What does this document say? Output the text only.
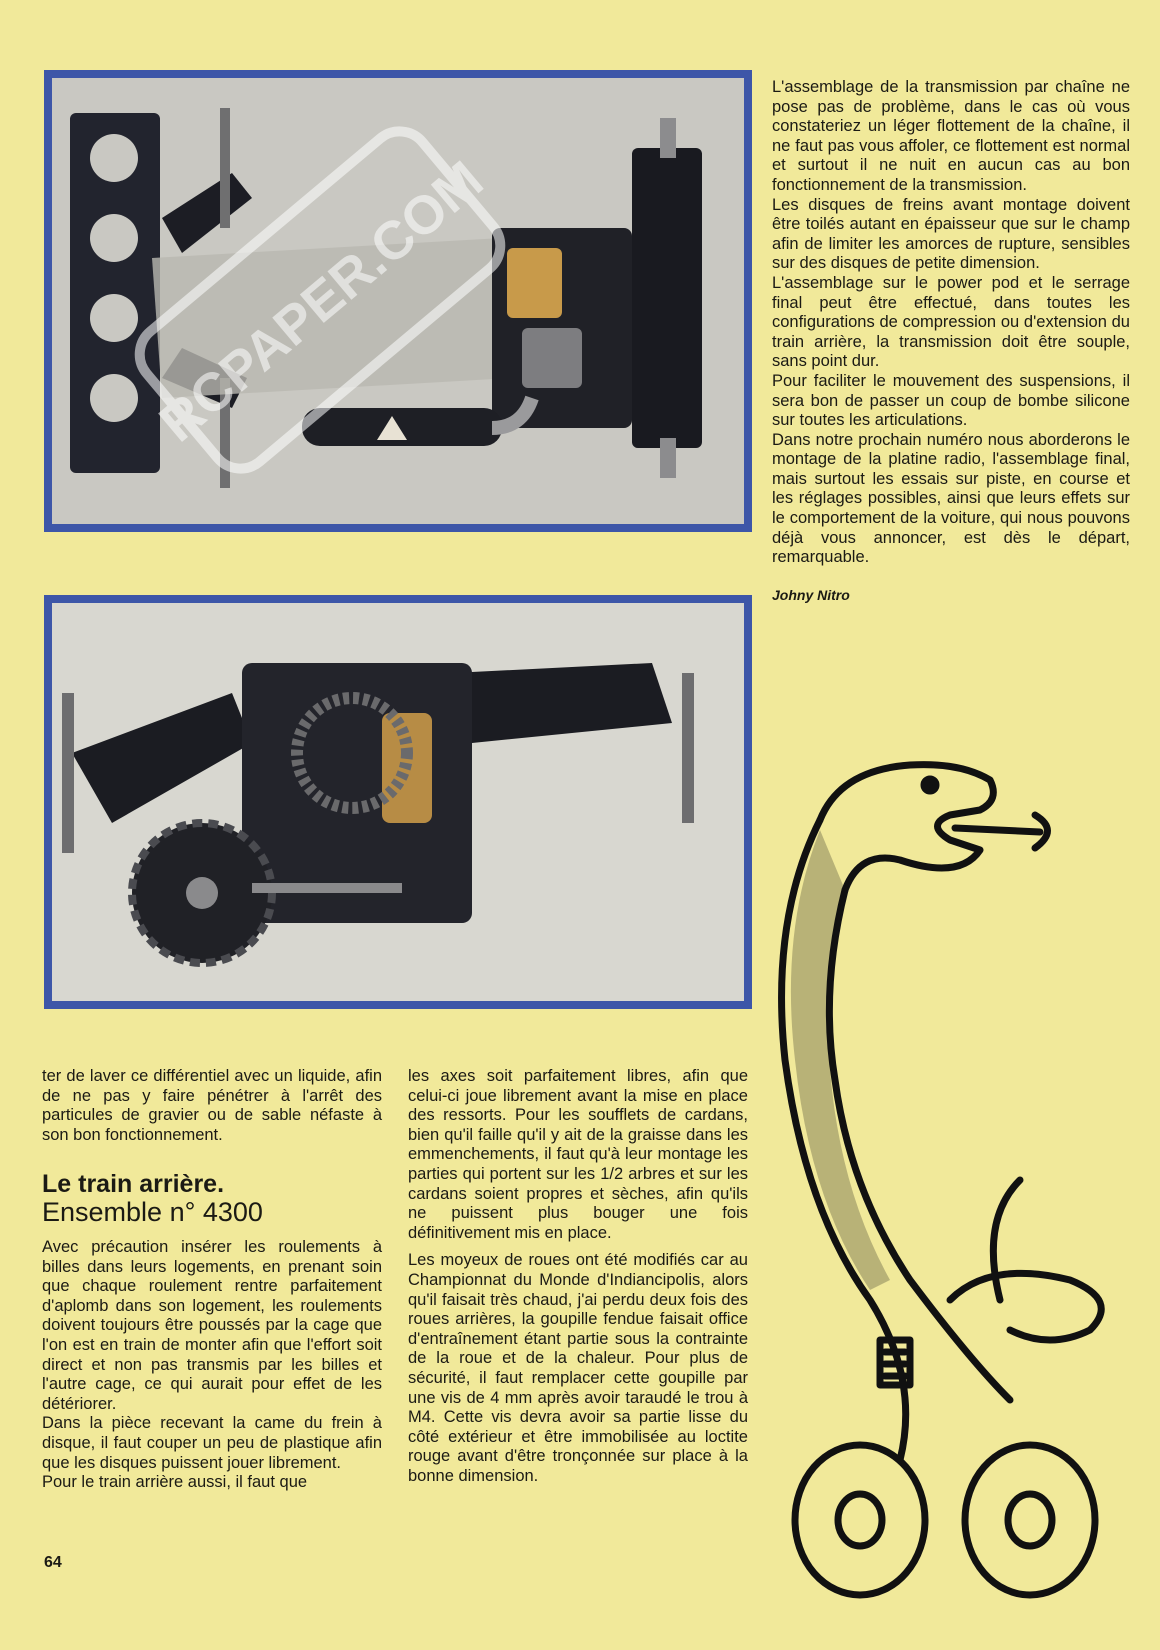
RCPAPER.COM

L'assemblage de la transmission par chaîne ne pose pas de problème, dans le cas où vous constateriez un léger flottement de la chaîne, il ne faut pas vous affoler, ce flottement est normal et surtout il ne nuit en aucun cas au bon fonctionnement de la transmission.

Les disques de freins avant montage doivent être toilés autant en épaisseur que sur le champ afin de limiter les amorces de rupture, sensibles sur des disques de petite dimension.

L'assemblage sur le power pod et le serrage final peut être effectué, dans toutes les configurations de compression ou d'extension du train arrière, la transmission doit être souple, sans point dur.

Pour faciliter le mouvement des suspensions, il sera bon de passer un coup de bombe silicone sur toutes les articulations.

Dans notre prochain numéro nous aborderons le montage de la platine radio, l'assemblage final, mais surtout les essais sur piste, en course et les réglages possibles, ainsi que leurs effets sur le comportement de la voiture, qui nous pouvons déjà vous annoncer, est dès le départ, remarquable.

Johny Nitro

ter de laver ce différentiel avec un liquide, afin de ne pas y faire pénétrer à l'arrêt des particules de gravier ou de sable néfaste à son bon fonctionnement.

Le train arrière.
Ensemble n° 4300

Avec précaution insérer les roulements à billes dans leurs logements, en prenant soin que chaque roulement rentre parfaitement d'aplomb dans son logement, les roulements doivent toujours être poussés par la cage que l'on est en train de monter afin que l'effort soit direct et non pas transmis par les billes et l'autre cage, ce qui aurait pour effet de les détériorer.

Dans la pièce recevant la came du frein à disque, il faut couper un peu de plastique afin que les disques puissent jouer librement.

Pour le train arrière aussi, il faut que

les axes soit parfaitement libres, afin que celui-ci joue librement avant la mise en place des ressorts. Pour les soufflets de cardans, bien qu'il faille qu'il y ait de la graisse dans les emmenchements, il faut qu'à leur montage les parties qui portent sur les 1/2 arbres et sur les cardans soient propres et sèches, afin qu'ils ne puissent plus bouger une fois définitivement mis en place.

Les moyeux de roues ont été modifiés car au Championnat du Monde d'Indiancipolis, alors qu'il faisait très chaud, j'ai perdu deux fois des roues arrières, la goupille fendue faisait office d'entraînement étant partie sous la contrainte de la roue et de la chaleur. Pour plus de sécurité, il faut remplacer cette goupille par une vis de 4 mm après avoir taraudé le trou à M4. Cette vis devra avoir sa partie lisse du côté extérieur et être immobilisée au loctite rouge avant d'être tronçonnée sur place à la bonne dimension.

64
